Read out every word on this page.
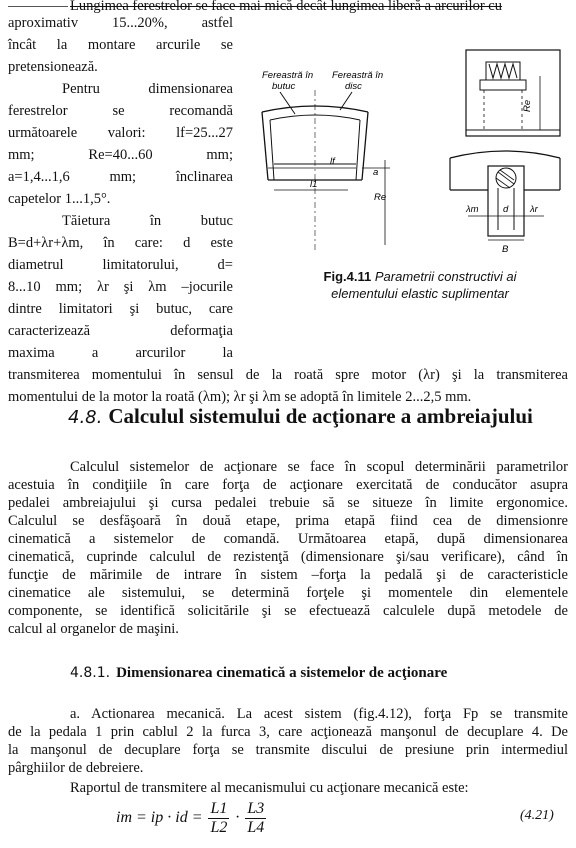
Lungimea ferestrelor se face mai mică decât lungimea liberă a arcurilor cu
aproximativ 15...20%, astfel
încât la montare arcurile se
pretensionează.
Pentru dimensionarea
ferestrelor se recomandă
următoarele valori: lf=25...27
mm; Re=40...60 mm;
a=1,4...1,6 mm; înclinarea
capetelor 1...1,5°.
Tăietura în butuc
B=d+λr+λm, în care: d este
diametrul limitatorului, d=
8...10 mm; λr şi λm –jocurile
dintre limitatori şi butuc, care
caracterizează deformaţia
maxima a arcurilor la
transmiterea momentului în sensul de la roată spre motor (λr) şi la transmiterea
momentului de la motor la roată (λm); λr şi λm se adoptă în limitele 2...2,5 mm.
Fereastră în
butuc
Fereastră în
disc
lf
l1
a
Re
Re
λm	d λr
B
Fig.4.11 Parametrii constructivi ai elementului elastic suplimentar
4.8. Calculul sistemului de acţionare a ambreiajului
Calculul sistemelor de acţionare se face în scopul determinării parametrilor
acestuia în condiţiile în care forţa de acţionare exercitată de conducător asupra
pedalei ambreiajului şi cursa pedalei trebuie să se situeze în limite ergonomice.
Calculul se desfăşoară în două etape, prima etapă fiind cea de dimensionre
cinematică a sistemelor de comandă. Următoarea etapă, după dimensionarea
cinematică, cuprinde calculul de rezistenţă (dimensionare şi/sau verificare), când în
funcţie de mărimile de intrare în sistem –forţa la pedală şi de caracteristicle
cinematice ale sistemului, se determină forţele şi momentele din elementele
componente, se identifică solicitările şi se efectuează calculele după metodele de
calcul al organelor de maşini.
4.8.1. Dimensionarea cinematică a sistemelor de acţionare
a. Actionarea mecanică. La acest sistem (fig.4.12), forţa Fp se transmite
de la pedala 1 prin cablul 2 la furca 3, care acţionează manşonul de decuplare 4. De
la manşonul de decuplare forţa se transmite discului de presiune prin intermediul
pârghiilor de debreiere.
Raportul de transmitere al mecanismului cu acţionare mecanică este:
im = ip · id = $\frac{L1}{L2} \cdot \frac{L3}{L4}$	(4.21)
